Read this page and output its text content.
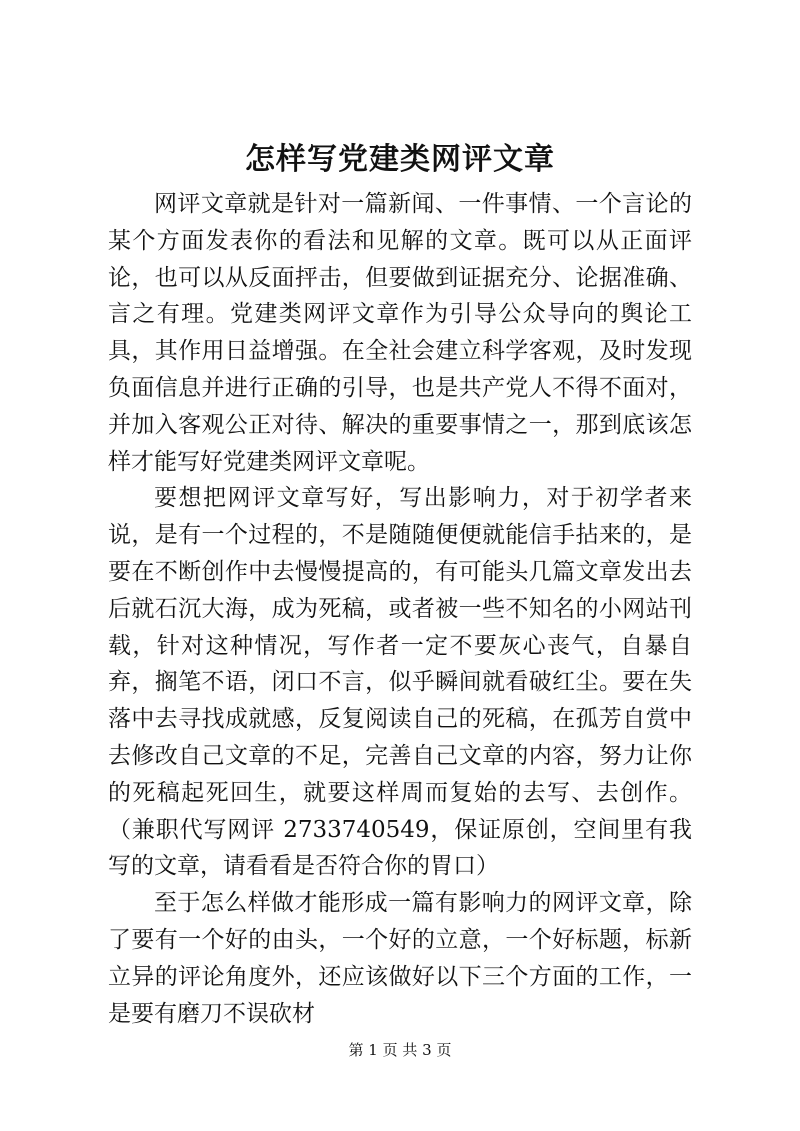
怎样写党建类网评文章

网评文章就是针对一篇新闻、一件事情、一个言论的某个方面发表你的看法和见解的文章。既可以从正面评论，也可以从反面抨击，但要做到证据充分、论据准确、言之有理。党建类网评文章作为引导公众导向的舆论工具，其作用日益增强。在全社会建立科学客观，及时发现负面信息并进行正确的引导，也是共产党人不得不面对，并加入客观公正对待、解决的重要事情之一，那到底该怎样才能写好党建类网评文章呢。

要想把网评文章写好，写出影响力，对于初学者来说，是有一个过程的，不是随随便便就能信手拈来的，是要在不断创作中去慢慢提高的，有可能头几篇文章发出去后就石沉大海，成为死稿，或者被一些不知名的小网站刊载，针对这种情况，写作者一定不要灰心丧气，自暴自弃，搁笔不语，闭口不言，似乎瞬间就看破红尘。要在失落中去寻找成就感，反复阅读自己的死稿，在孤芳自赏中去修改自己文章的不足，完善自己文章的内容，努力让你的死稿起死回生，就要这样周而复始的去写、去创作。（兼职代写网评 2733740549，保证原创，空间里有我写的文章，请看看是否符合你的胃口）

至于怎么样做才能形成一篇有影响力的网评文章，除了要有一个好的由头，一个好的立意，一个好标题，标新立异的评论角度外，还应该做好以下三个方面的工作，一是要有磨刀不误砍材

第 1 页 共 3 页
